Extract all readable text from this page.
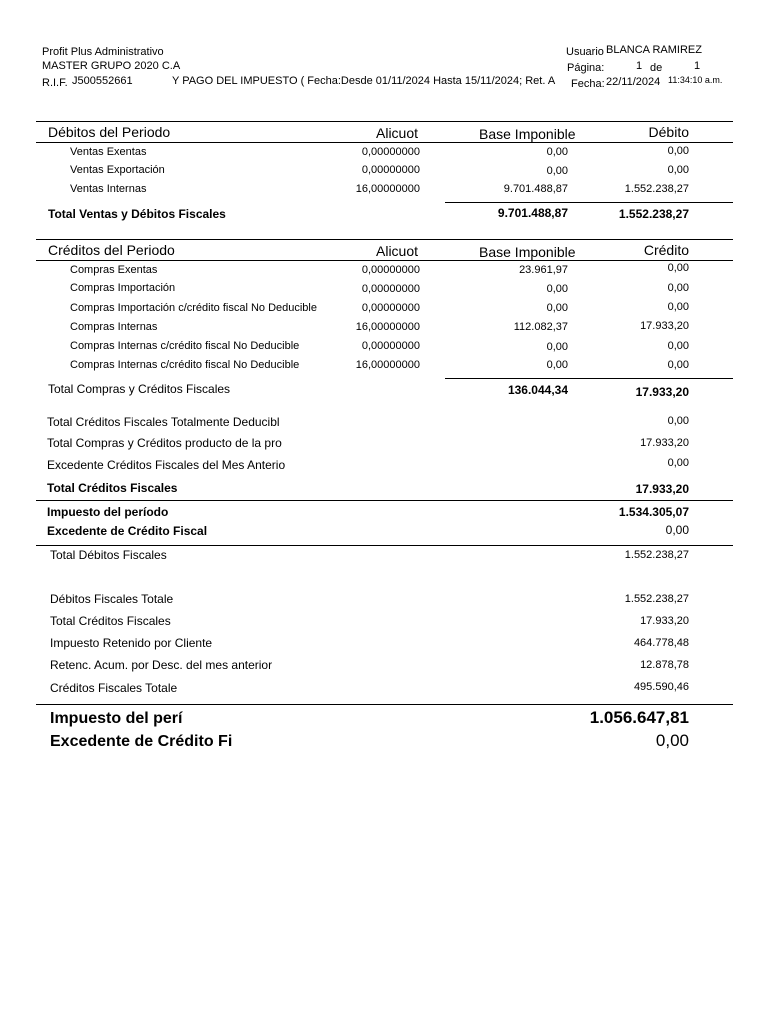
Profit Plus Administrativo
MASTER GRUPO 2020 C.A
R.I.F. J500552661	Y PAGO DEL IMPUESTO ( Fecha:Desde 01/11/2024 Hasta 15/11/2024; Ret. A
Usuario BLANCA RAMIREZ
Página:	1 de	1
Fecha: 22/11/2024 11:34:10 a.m.
Débitos del Periodo	Alicuot	Base Imponible	Débito
Ventas Exentas	0,00000000	0,00	0,00
Ventas Exportación	0,00000000	0,00	0,00
Ventas Internas	16,00000000	9.701.488,87	1.552.238,27
Total Ventas y Débitos Fiscales	9.701.488,87	1.552.238,27
Créditos del Periodo	Alicuot	Base Imponible	Crédito
Compras Exentas	0,00000000	23.961,97	0,00
Compras Importación	0,00000000	0,00	0,00
Compras Importación c/crédito fiscal No Deducible	0,00000000	0,00	0,00
Compras Internas	16,00000000	112.082,37	17.933,20
Compras Internas c/crédito fiscal No Deducible	0,00000000	0,00	0,00
Compras Internas c/crédito fiscal No Deducible	16,00000000	0,00	0,00
Total Compras y Créditos Fiscales	136.044,34	17.933,20
Total Créditos Fiscales Totalmente Deducibl	0,00
Total Compras y Créditos producto de la pro	17.933,20
Excedente Créditos Fiscales del Mes Anterio	0,00
Total Créditos Fiscales	17.933,20
Impuesto del período	1.534.305,07
Excedente de Crédito Fiscal	0,00
Total Débitos Fiscales	1.552.238,27
Débitos Fiscales Totale	1.552.238,27
Total Créditos Fiscales	17.933,20
Impuesto Retenido por Cliente	464.778,48
Retenc. Acum. por Desc. del mes anterior	12.878,78
Créditos Fiscales Totale	495.590,46
Impuesto del perí	1.056.647,81
Excedente de Crédito Fi	0,00
